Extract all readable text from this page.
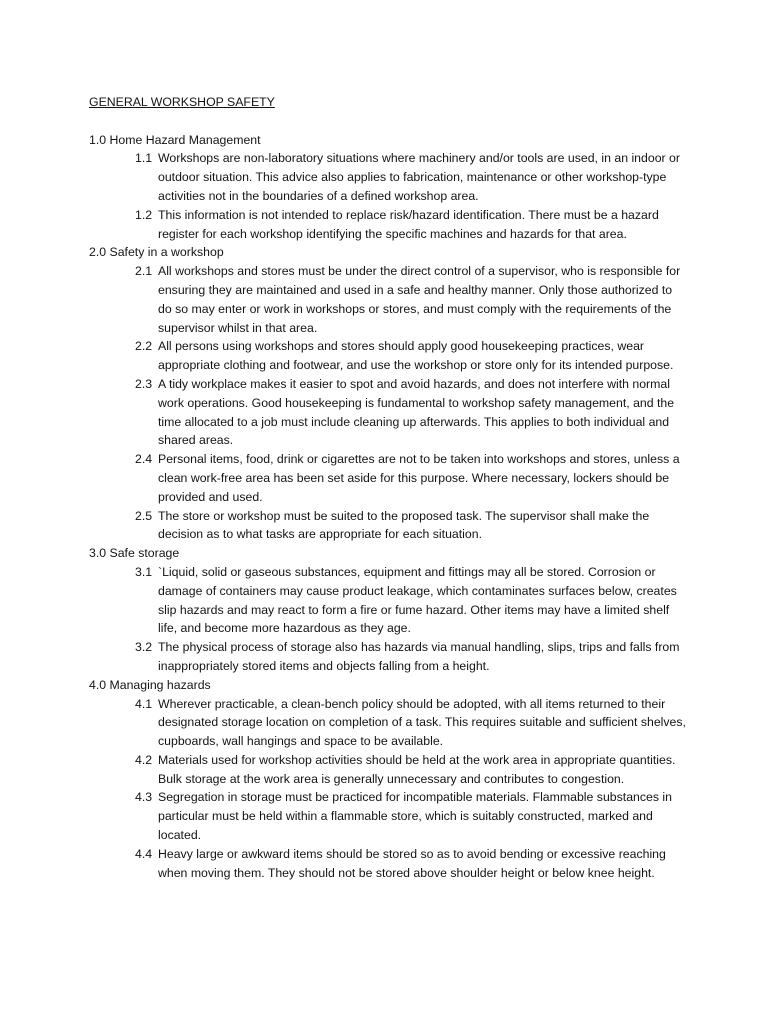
GENERAL WORKSHOP SAFETY
1.0 Home Hazard Management
1.1 Workshops are non-laboratory situations where machinery and/or tools are used, in an indoor or outdoor situation. This advice also applies to fabrication, maintenance or other workshop-type activities not in the boundaries of a defined workshop area.
1.2 This information is not intended to replace risk/hazard identification. There must be a hazard register for each workshop identifying the specific machines and hazards for that area.
2.0 Safety in a workshop
2.1 All workshops and stores must be under the direct control of a supervisor, who is responsible for ensuring they are maintained and used in a safe and healthy manner. Only those authorized to do so may enter or work in workshops or stores, and must comply with the requirements of the supervisor whilst in that area.
2.2 All persons using workshops and stores should apply good housekeeping practices, wear appropriate clothing and footwear, and use the workshop or store only for its intended purpose.
2.3 A tidy workplace makes it easier to spot and avoid hazards, and does not interfere with normal work operations. Good housekeeping is fundamental to workshop safety management, and the time allocated to a job must include cleaning up afterwards. This applies to both individual and shared areas.
2.4 Personal items, food, drink or cigarettes are not to be taken into workshops and stores, unless a clean work-free area has been set aside for this purpose. Where necessary, lockers should be provided and used.
2.5 The store or workshop must be suited to the proposed task. The supervisor shall make the decision as to what tasks are appropriate for each situation.
3.0 Safe storage
3.1 `Liquid, solid or gaseous substances, equipment and fittings may all be stored. Corrosion or damage of containers may cause product leakage, which contaminates surfaces below, creates slip hazards and may react to form a fire or fume hazard. Other items may have a limited shelf life, and become more hazardous as they age.
3.2 The physical process of storage also has hazards via manual handling, slips, trips and falls from inappropriately stored items and objects falling from a height.
4.0 Managing hazards
4.1 Wherever practicable, a clean-bench policy should be adopted, with all items returned to their designated storage location on completion of a task. This requires suitable and sufficient shelves, cupboards, wall hangings and space to be available.
4.2 Materials used for workshop activities should be held at the work area in appropriate quantities. Bulk storage at the work area is generally unnecessary and contributes to congestion.
4.3 Segregation in storage must be practiced for incompatible materials. Flammable substances in particular must be held within a flammable store, which is suitably constructed, marked and located.
4.4 Heavy large or awkward items should be stored so as to avoid bending or excessive reaching when moving them. They should not be stored above shoulder height or below knee height.
